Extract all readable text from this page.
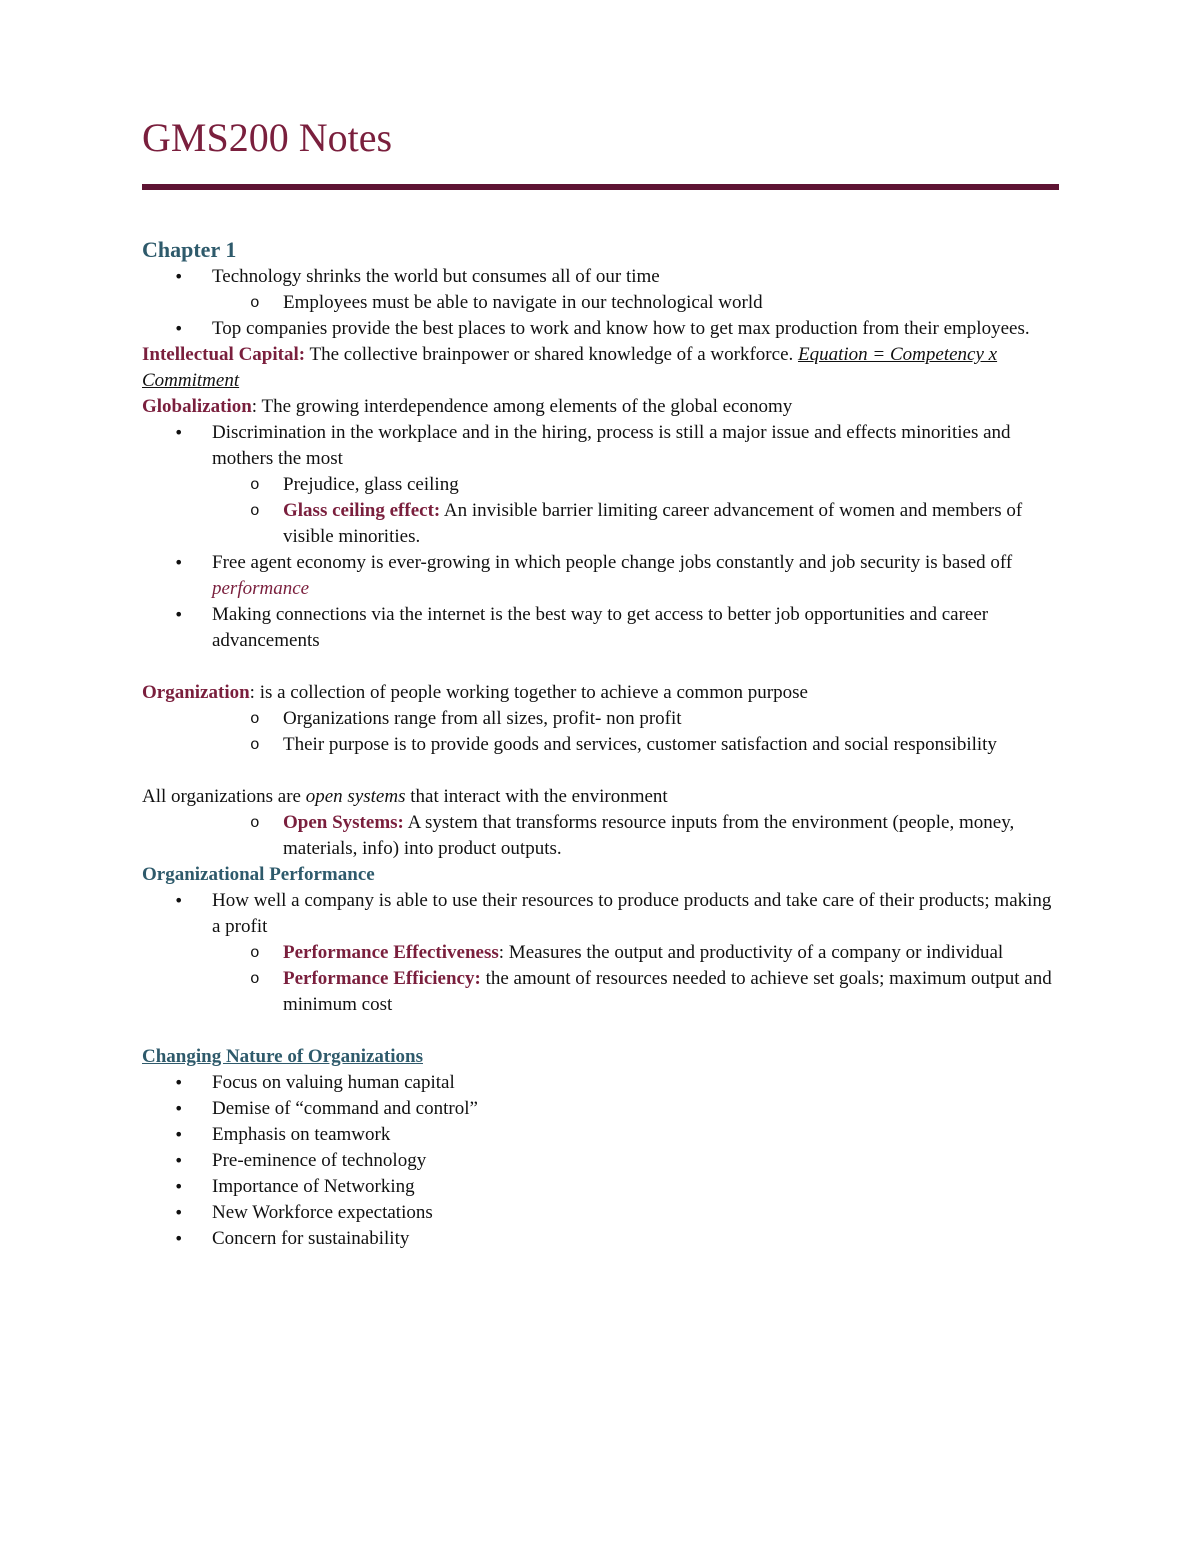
GMS200 Notes

Chapter 1

• Technology shrinks the world but consumes all of our time
o Employees must be able to navigate in our technological world
• Top companies provide the best places to work and know how to get max production from their employees.

Intellectual Capital: The collective brainpower or shared knowledge of a workforce. Equation = Competency x Commitment

Globalization: The growing interdependence among elements of the global economy

• Discrimination in the workplace and in the hiring, process is still a major issue and effects minorities and mothers the most
o Prejudice, glass ceiling
o Glass ceiling effect: An invisible barrier limiting career advancement of women and members of visible minorities.
• Free agent economy is ever-growing in which people change jobs constantly and job security is based off performance
• Making connections via the internet is the best way to get access to better job opportunities and career advancements

Organization: is a collection of people working together to achieve a common purpose

o Organizations range from all sizes, profit- non profit
o Their purpose is to provide goods and services, customer satisfaction and social responsibility

All organizations are open systems that interact with the environment

o Open Systems: A system that transforms resource inputs from the environment (people, money, materials, info) into product outputs.

Organizational Performance

• How well a company is able to use their resources to produce products and take care of their products; making a profit
o Performance Effectiveness: Measures the output and productivity of a company or individual
o Performance Efficiency: the amount of resources needed to achieve set goals; maximum output and minimum cost

Changing Nature of Organizations

• Focus on valuing human capital
• Demise of “command and control”
• Emphasis on teamwork
• Pre-eminence of technology
• Importance of Networking
• New Workforce expectations
• Concern for sustainability
